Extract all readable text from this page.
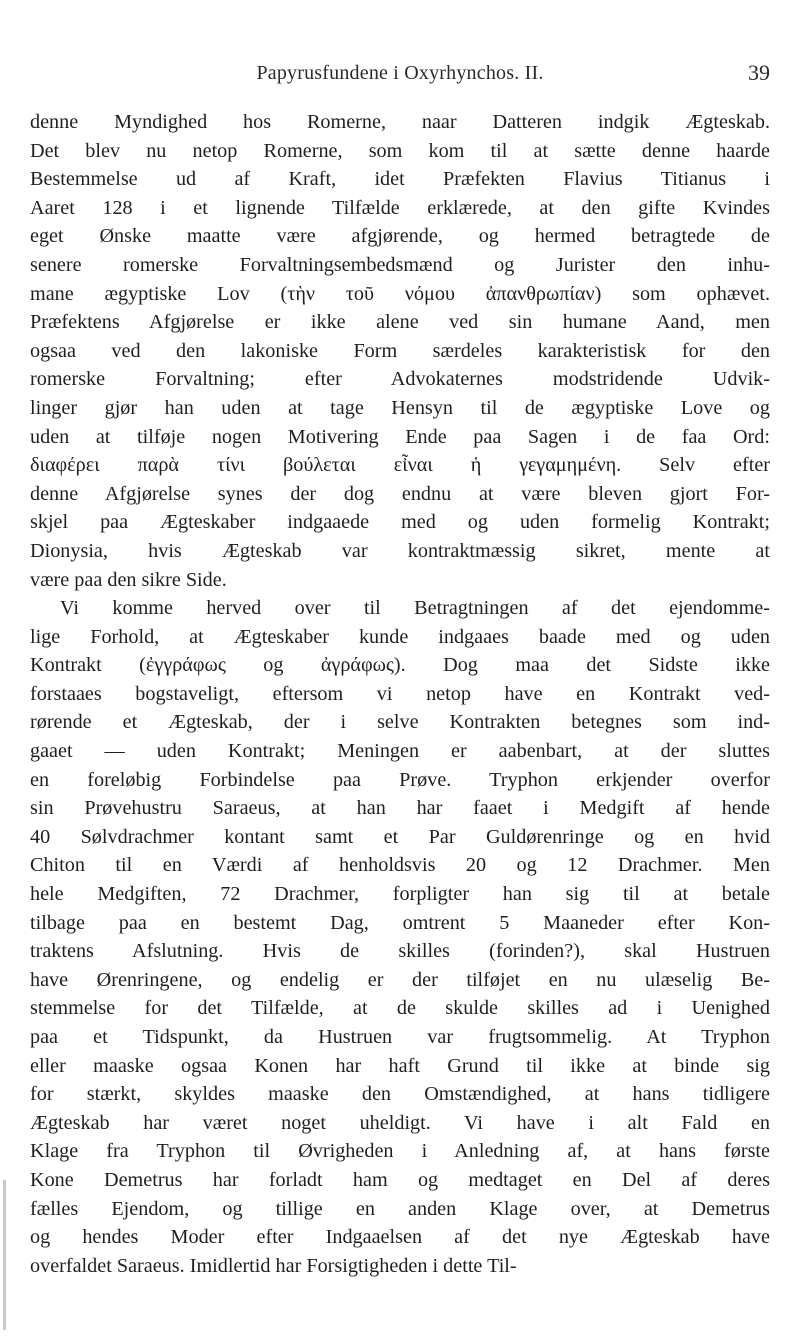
Papyrusfundene i Oxyrhynchos. II.	39
denne Myndighed hos Romerne, naar Datteren indgik Ægteskab.
Det blev nu netop Romerne, som kom til at sætte denne haarde
Bestemmelse ud af Kraft, idet Præfekten Flavius Titianus i
Aaret 128 i et lignende Tilfælde erklærede, at den gifte Kvindes
eget Ønske maatte være afgjørende, og hermed betragtede de
senere romerske Forvaltningsembedsmænd og Jurister den inhu-
mane ægyptiske Lov (τὴν τοῦ νόμου ἀπανθρωπίαν) som ophævet.
Præfektens Afgjørelse er ikke alene ved sin humane Aand, men
ogsaa ved den lakoniske Form særdeles karakteristisk for den
romerske Forvaltning; efter Advokaternes modstridende Udvik-
linger gjør han uden at tage Hensyn til de ægyptiske Love og
uden at tilføje nogen Motivering Ende paa Sagen i de faa Ord:
διαφέρει παρὰ τίνι βούλεται εἶναι ἡ γεγαμημένη. Selv efter
denne Afgjørelse synes der dog endnu at være bleven gjort For-
skjel paa Ægteskaber indgaaede med og uden formelig Kontrakt;
Dionysia, hvis Ægteskab var kontraktmæssig sikret, mente at
være paa den sikre Side.
Vi komme herved over til Betragtningen af det ejendomme-
lige Forhold, at Ægteskaber kunde indgaaes baade med og uden
Kontrakt (ἐγγράφως og ἀγράφως). Dog maa det Sidste ikke
forstaaes bogstaveligt, eftersom vi netop have en Kontrakt ved-
rørende et Ægteskab, der i selve Kontrakten betegnes som ind-
gaaet — uden Kontrakt; Meningen er aabenbart, at der sluttes
en foreløbig Forbindelse paa Prøve. Tryphon erkjender overfor
sin Prøvehustru Saraeus, at han har faaet i Medgift af hende
40 Sølvdrachmer kontant samt et Par Guldørenringe og en hvid
Chiton til en Værdi af henholdsvis 20 og 12 Drachmer. Men
hele Medgiften, 72 Drachmer, forpligter han sig til at betale
tilbage paa en bestemt Dag, omtrent 5 Maaneder efter Kon-
traktens Afslutning. Hvis de skilles (forinden?), skal Hustruen
have Ørenringene, og endelig er der tilføjet en nu ulæselig Be-
stemmelse for det Tilfælde, at de skulde skilles ad i Uenighed
paa et Tidspunkt, da Hustruen var frugtsommelig. At Tryphon
eller maaske ogsaa Konen har haft Grund til ikke at binde sig
for stærkt, skyldes maaske den Omstændighed, at hans tidligere
Ægteskab har været noget uheldigt. Vi have i alt Fald en
Klage fra Tryphon til Øvrigheden i Anledning af, at hans første
Kone Demetrus har forladt ham og medtaget en Del af deres
fælles Ejendom, og tillige en anden Klage over, at Demetrus
og hendes Moder efter Indgaaelsen af det nye Ægteskab have
overfaldet Saraeus. Imidlertid har Forsigtigheden i dette Til-
